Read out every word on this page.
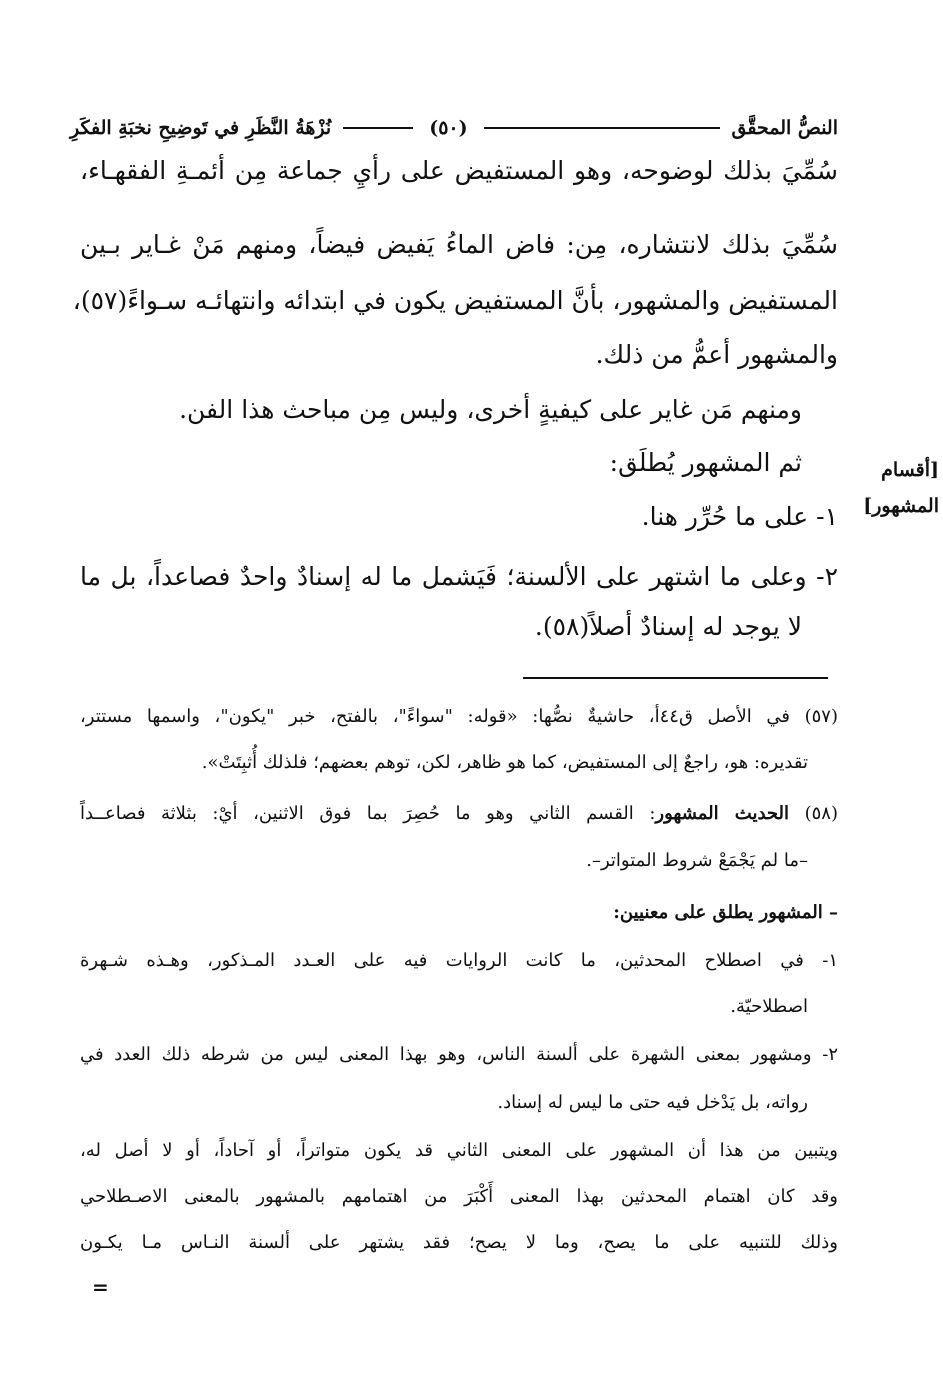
النصُّ المحقَّق
(٥٠)
نُزْهَةُ النَّظَرِ في تَوضِيحِ نخبَةِ الفكَرِ
سُمِّيَ بذلك لوضوحه، وهو المستفيض على رأيِ جماعة مِن أئمـةِ الفقهـاء،
سُمِّيَ بذلك لانتشاره، مِن: فاض الماءُ يَفيض فيضاً، ومنهم مَنْ غـاير بـين
المستفيض والمشهور، بأنَّ المستفيض يكون في ابتدائه وانتهائـه سـواءً(٥٧)،
والمشهور أعمُّ من ذلك.
ومنهم مَن غاير على كيفيةٍ أخرى، وليس مِن مباحث هذا الفن.
ثم المشهور يُطلَق:
١- على ما حُرِّر هنا.
٢- وعلى ما اشتهر على الألسنة؛ فَيَشمل ما له إسنادٌ واحدٌ فصاعداً، بل ما
لا يوجد له إسنادٌ أصلاً(٥٨).
[أقسام
المشهور]
(٥٧) في الأصل ق٤٤أ، حاشيةٌ نصُّها: «قوله: "سواءً"، بالفتح، خبر "يكون"، واسمها مستتر،
تقديره: هو، راجعٌ إلى المستفيض، كما هو ظاهر، لكن، توهم بعضهم؛ فلذلك أُثبِتَتْ».
(٥٨) الحديث المشهور: القسم الثاني وهو ما حُصِرَ بما فوق الاثنين، أيْ: بثلاثة فصاعــداً
–ما لم يَجْمَعْ شروط المتواتر–.
– المشهور يطلق على معنيين:
١- في اصطلاح المحدثين، ما كانت الروايات فيه على العـدد المـذكور، وهـذه شـهرة
اصطلاحيّة.
٢- ومشهور بمعنى الشهرة على ألسنة الناس، وهو بهذا المعنى ليس من شرطه ذلك العدد في
رواته، بل يَدْخل فيه حتى ما ليس له إسناد.
ويتبين من هذا أن المشهور على المعنى الثاني قد يكون متواتراً، أو آحاداً، أو لا أصل له،
وقد كان اهتمام المحدثين بهذا المعنى أَكْبَرَ من اهتمامهم بالمشهور بالمعنى الاصـطلاحي
وذلك للتنبيه على ما يصح، وما لا يصح؛ فقد يشتهر على ألسنة النـاس مـا يكـون
=
